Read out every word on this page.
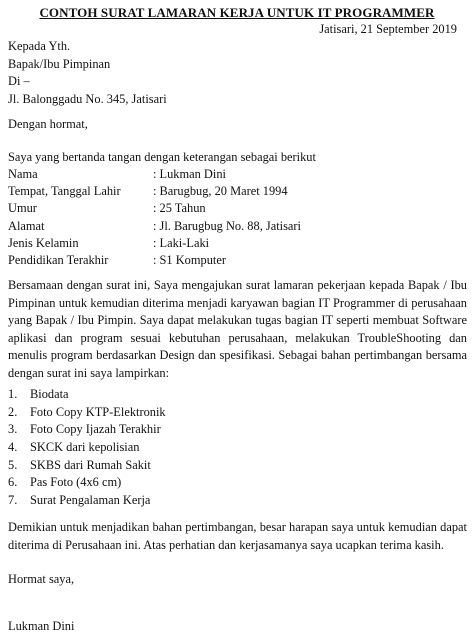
CONTOH SURAT LAMARAN KERJA UNTUK IT PROGRAMMER
Jatisari, 21 September 2019
Kepada Yth.
Bapak/Ibu Pimpinan
Di –
Jl. Balonggadu No. 345, Jatisari
Dengan hormat,
Saya yang bertanda tangan dengan keterangan sebagai berikut
Nama	: Lukman Dini
Tempat, Tanggal Lahir	: Barugbug, 20 Maret 1994
Umur	: 25 Tahun
Alamat	: Jl. Barugbug No. 88, Jatisari
Jenis Kelamin	: Laki-Laki
Pendidikan Terakhir	: S1 Komputer
Bersamaan dengan surat ini, Saya mengajukan surat lamaran pekerjaan kepada Bapak / Ibu Pimpinan untuk kemudian diterima menjadi karyawan bagian IT Programmer di perusahaan yang Bapak / Ibu Pimpin. Saya dapat melakukan tugas bagian IT seperti membuat Software aplikasi dan program sesuai kebutuhan perusahaan, melakukan TroubleShooting dan menulis program berdasarkan Design dan spesifikasi. Sebagai bahan pertimbangan bersama dengan surat ini saya lampirkan:
1. Biodata
2. Foto Copy KTP-Elektronik
3. Foto Copy Ijazah Terakhir
4. SKCK dari kepolisian
5. SKBS dari Rumah Sakit
6. Pas Foto (4x6 cm)
7. Surat Pengalaman Kerja
Demikian untuk menjadikan bahan pertimbangan, besar harapan saya untuk kemudian dapat diterima di Perusahaan ini. Atas perhatian dan kerjasamanya saya ucapkan terima kasih.
Hormat saya,
Lukman Dini
